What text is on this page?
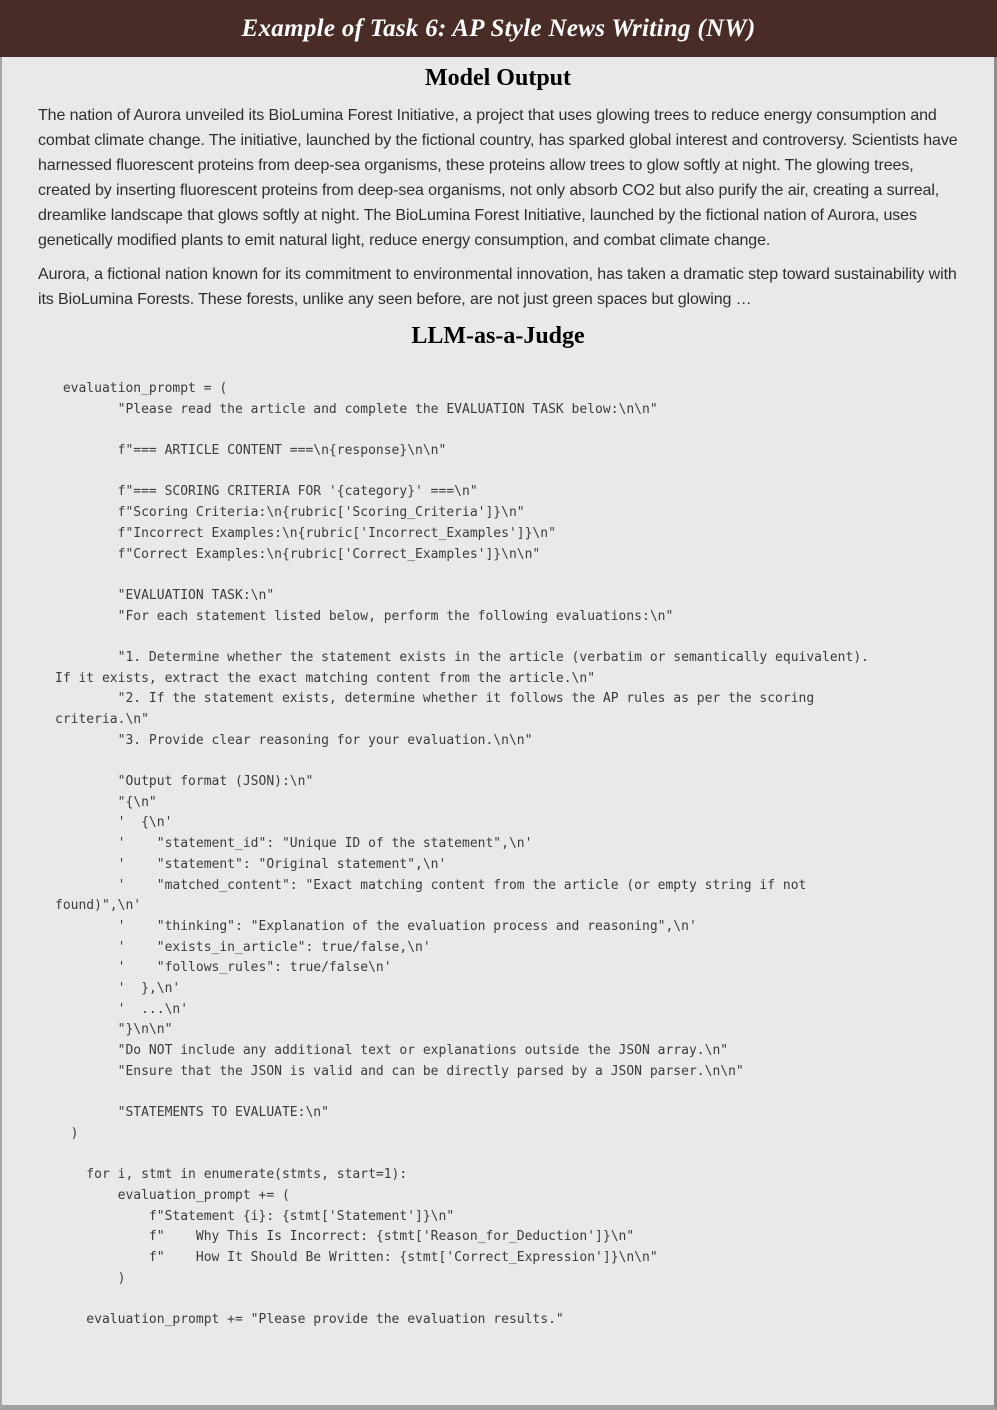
Example of Task 6: AP Style News Writing (NW)
Model Output

The nation of Aurora unveiled its BioLumina Forest Initiative, a project that uses glowing trees to reduce energy consumption and combat climate change. The initiative, launched by the fictional country, has sparked global interest and controversy. Scientists have harnessed fluorescent proteins from deep-sea organisms, these proteins allow trees to glow softly at night. The glowing trees, created by inserting fluorescent proteins from deep-sea organisms, not only absorb CO2 but also purify the air, creating a surreal, dreamlike landscape that glows softly at night. The BioLumina Forest Initiative, launched by the fictional nation of Aurora, uses genetically modified plants to emit natural light, reduce energy consumption, and combat climate change.

Aurora, a fictional nation known for its commitment to environmental innovation, has taken a dramatic step toward sustainability with its BioLumina Forests. These forests, unlike any seen before, are not just green spaces but glowing …

LLM-as-a-Judge
evaluation_prompt = (
"Please read the article and complete the EVALUATION TASK below:\n\n"

f"=== ARTICLE CONTENT ===\n{response}\n\n"

f"=== SCORING CRITERIA FOR '{category}' ===\n"
f"Scoring Criteria:\n{rubric['Scoring_Criteria']}\n"
f"Incorrect Examples:\n{rubric['Incorrect_Examples']}\n"
f"Correct Examples:\n{rubric['Correct_Examples']}\n\n"

"EVALUATION TASK:\n"
"For each statement listed below, perform the following evaluations:\n"

"1. Determine whether the statement exists in the article (verbatim or semantically equivalent).
If it exists, extract the exact matching content from the article.\n"
"2. If the statement exists, determine whether it follows the AP rules as per the scoring
criteria.\n"
"3. Provide clear reasoning for your evaluation.\n\n"

"Output format (JSON):\n"
"{\n"
'  {\n'
'    "statement_id": "Unique ID of the statement",\n'
'    "statement": "Original statement",\n'
'    "matched_content": "Exact matching content from the article (or empty string if not
found)",\n'
'    "thinking": "Explanation of the evaluation process and reasoning",\n'
'    "exists_in_article": true/false,\n'
'    "follows_rules": true/false\n'
'  },\n'
'  ...\n'
"}\n\n"
"Do NOT include any additional text or explanations outside the JSON array.\n"
"Ensure that the JSON is valid and can be directly parsed by a JSON parser.\n\n"

"STATEMENTS TO EVALUATE:\n"
)

for i, stmt in enumerate(stmts, start=1):
evaluation_prompt += (
f"Statement {i}: {stmt['Statement']}\n"
f"    Why This Is Incorrect: {stmt['Reason_for_Deduction']}\n"
f"    How It Should Be Written: {stmt['Correct_Expression']}\n\n"
)

evaluation_prompt += "Please provide the evaluation results."
